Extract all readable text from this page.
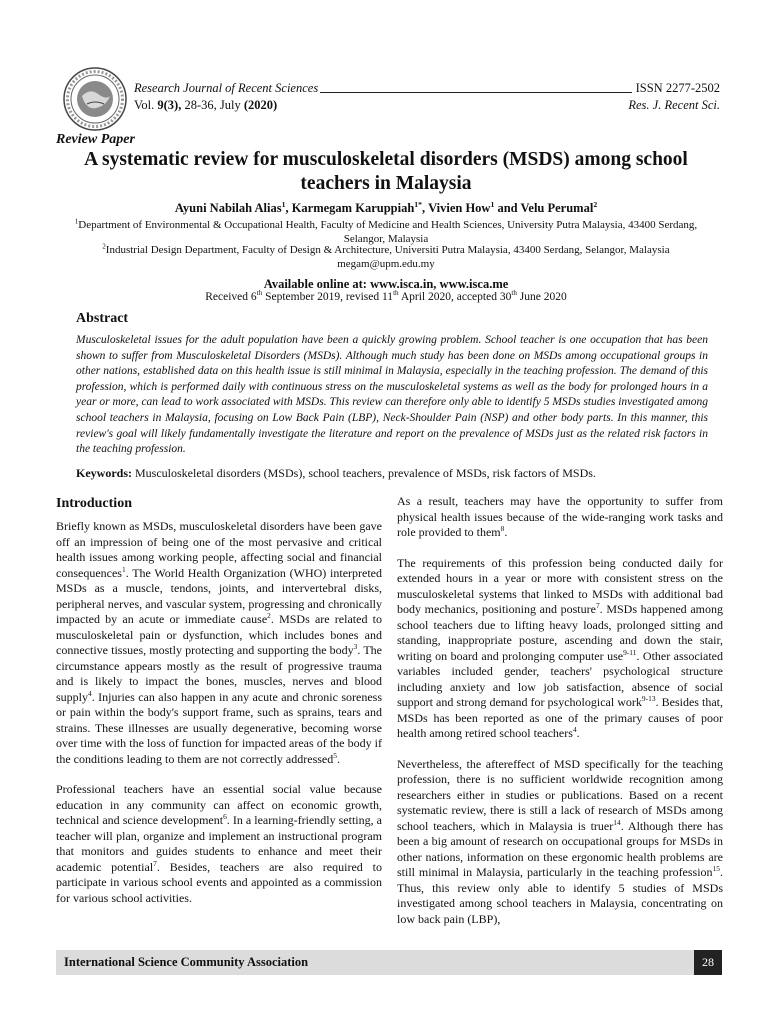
Research Journal of Recent Sciences
Vol. 9(3), 28-36, July (2020)
ISSN 2277-2502
Res. J. Recent Sci.
Review Paper
A systematic review for musculoskeletal disorders (MSDS) among school teachers in Malaysia
Ayuni Nabilah Alias$^1$, Karmegam Karuppiah$^{1*}$, Vivien How$^1$ and Velu Perumal$^2$
$^1$Department of Environmental & Occupational Health, Faculty of Medicine and Health Sciences, University Putra Malaysia, 43400 Serdang, Selangor, Malaysia
$^2$Industrial Design Department, Faculty of Design & Architecture, Universiti Putra Malaysia, 43400 Serdang, Selangor, Malaysia
megam@upm.edu.my
Available online at: www.isca.in, www.isca.me
Received 6th September 2019, revised 11th April 2020, accepted 30th June 2020
Abstract
Musculoskeletal issues for the adult population have been a quickly growing problem. School teacher is one occupation that has been shown to suffer from Musculoskeletal Disorders (MSDs). Although much study has been done on MSDs among occupational groups in other nations, established data on this health issue is still minimal in Malaysia, especially in the teaching profession. The demand of this profession, which is performed daily with continuous stress on the musculoskeletal systems as well as the body for prolonged hours in a year or more, can lead to work associated with MSDs. This review can therefore only able to identify 5 MSDs studies investigated among school teachers in Malaysia, focusing on Low Back Pain (LBP), Neck-Shoulder Pain (NSP) and other body parts. In this manner, this review's goal will likely fundamentally investigate the literature and report on the prevalence of MSDs just as the related risk factors in the teaching profession.
Keywords: Musculoskeletal disorders (MSDs), school teachers, prevalence of MSDs, risk factors of MSDs.
Introduction

Briefly known as MSDs, musculoskeletal disorders have been gave off an impression of being one of the most pervasive and critical health issues among working people, affecting social and financial consequences$^1$. The World Health Organization (WHO) interpreted MSDs as a muscle, tendons, joints, and intervertebral disks, peripheral nerves, and vascular system, progressing and chronically impacted by an acute or immediate cause$^2$. MSDs are related to musculoskeletal pain or dysfunction, which includes bones and connective tissues, mostly protecting and supporting the body$^3$. The circumstance appears mostly as the result of progressive trauma and is likely to impact the bones, muscles, nerves and blood supply$^4$. Injuries can also happen in any acute and chronic soreness or pain within the body's support frame, such as sprains, tears and strains. These illnesses are usually degenerative, becoming worse over time with the loss of function for impacted areas of the body if the conditions leading to them are not correctly addressed$^5$.

Professional teachers have an essential social value because education in any community can affect on economic growth, technical and science development$^6$. In a learning-friendly setting, a teacher will plan, organize and implement an instructional program that monitors and guides students to enhance and meet their academic potential$^7$. Besides, teachers are also required to participate in various school events and appointed as a commission for various school activities.

As a result, teachers may have the opportunity to suffer from physical health issues because of the wide-ranging work tasks and role provided to them$^8$.

The requirements of this profession being conducted daily for extended hours in a year or more with consistent stress on the musculoskeletal systems that linked to MSDs with additional bad body mechanics, positioning and posture$^7$. MSDs happened among school teachers due to lifting heavy loads, prolonged sitting and standing, inappropriate posture, ascending and down the stair, writing on board and prolonging computer use$^{9-11}$. Other associated variables included gender, teachers' psychological structure including anxiety and low job satisfaction, absence of social support and strong demand for psychological work$^{9-13}$. Besides that, MSDs has been reported as one of the primary causes of poor health among retired school teachers$^4$.

Nevertheless, the aftereffect of MSD specifically for the teaching profession, there is no sufficient worldwide recognition among researchers either in studies or publications. Based on a recent systematic review, there is still a lack of research of MSDs among school teachers, which in Malaysia is truer$^{14}$. Although there has been a big amount of research on occupational groups for MSDs in other nations, information on these ergonomic health problems are still minimal in Malaysia, particularly in the teaching profession$^{15}$. Thus, this review only able to identify 5 studies of MSDs investigated among school teachers in Malaysia, concentrating on low back pain (LBP),

International Science Community Association	28
